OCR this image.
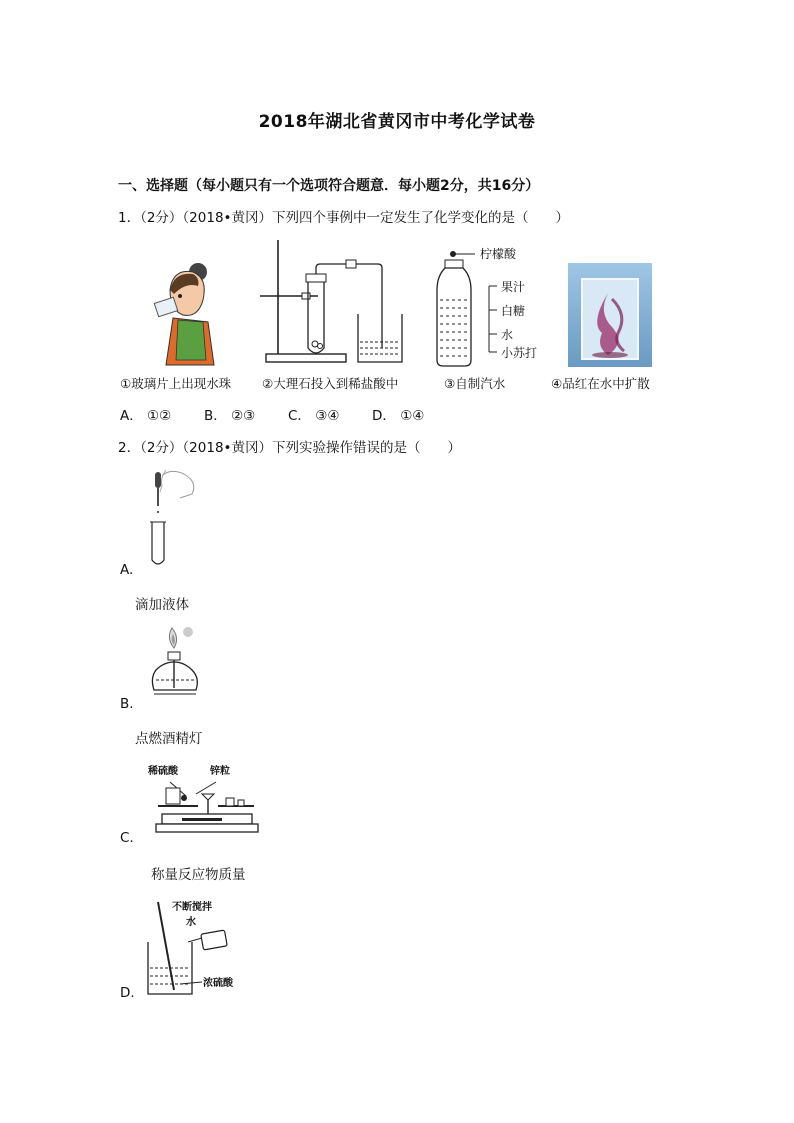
2018年湖北省黄冈市中考化学试卷
一、选择题（每小题只有一个选项符合题意．每小题2分，共16分）
1．（2分）（2018•黄冈）下列四个事例中一定发生了化学变化的是（　　）
柠檬酸
果汁
白糖
水
小苏打
①玻璃片上出现水珠 ②大理石投入到稀盐酸中	③自制汽水	④品红在水中扩散
A． ①② B． ②③ C． ③④ D． ①④
2．（2分）（2018•黄冈）下列实验操作错误的是（　　）
A.
滴加液体
B.
点燃酒精灯
稀硫酸	锌粒
C.
称量反应物质量
不断搅拌
水
浓硫酸
D.
